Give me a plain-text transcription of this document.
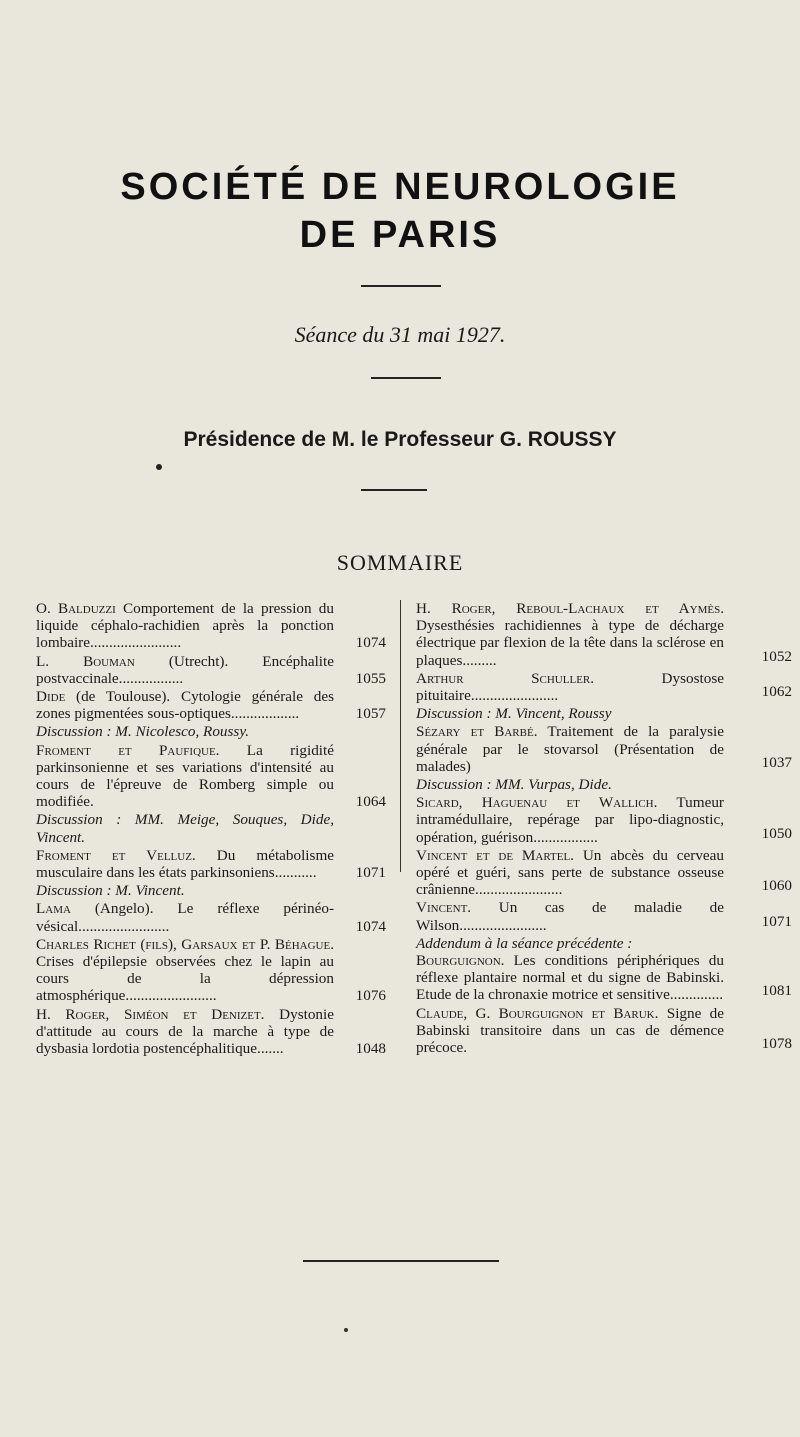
SOCIÉTÉ DE NEUROLOGIE
DE PARIS
Séance du 31 mai 1927.
Présidence de M. le Professeur G. ROUSSY
SOMMAIRE
O. Balduzzi Comportement de la pression du liquide céphalo-rachidien après la ponction lombaire........................	1074
L. Bouman (Utrecht). Encéphalite postvaccinale.................	1055
Dide (de Toulouse). Cytologie générale des zones pigmentées sous-optiques..................	1057
Discussion : M. Nicolesco, Roussy.
Froment et Paufique. La rigidité parkinsonienne et ses variations d'intensité au cours de l'épreuve de Romberg simple ou modifiée.	1064
Discussion : MM. Meige, Souques, Dide, Vincent.
Froment et Velluz. Du métabolisme musculaire dans les états parkinsoniens...........	1071
Discussion : M. Vincent.
Lama (Angelo). Le réflexe périnéo-vésical........................	1074
Charles Richet (fils), Garsaux et P. Béhague. Crises d'épilepsie observées chez le lapin au cours de la dépression atmosphérique........................	1076
H. Roger, Siméon et Denizet. Dystonie d'attitude au cours de la marche à type de dysbasia lordotia postencéphalitique.......	1048
H. Roger, Reboul-Lachaux et Aymès. Dysesthésies rachidiennes à type de décharge électrique par flexion de la tête dans la sclérose en plaques.........	1052
Arthur Schuller. Dysostose pituitaire.......................	1062
Discussion : M. Vincent, Roussy
Sézary et Barbé. Traitement de la paralysie générale par le stovarsol (Présentation de malades)	1037
Discussion : MM. Vurpas, Dide.
Sicard, Haguenau et Wallich. Tumeur intramédullaire, repérage par lipo-diagnostic, opération, guérison.................	1050
Vincent et de Martel. Un abcès du cerveau opéré et guéri, sans perte de substance osseuse crânienne.......................	1060
Vincent. Un cas de maladie de Wilson.......................	1071
Addendum à la séance précédente :
Bourguignon. Les conditions périphériques du réflexe plantaire normal et du signe de Babinski. Etude de la chronaxie motrice et sensitive..............	1081
Claude, G. Bourguignon et Baruk. Signe de Babinski transitoire dans un cas de démence précoce.	1078
